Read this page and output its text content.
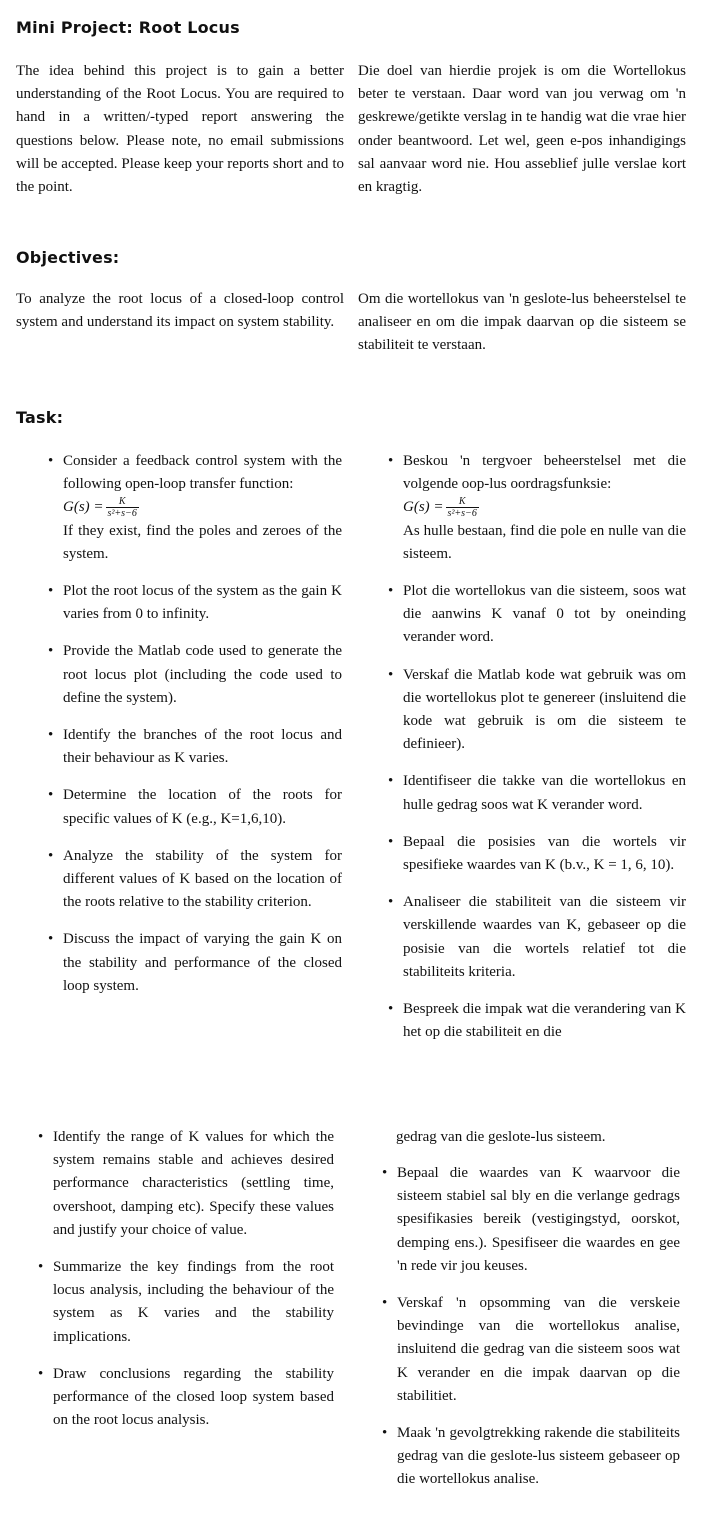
Mini Project: Root Locus

The idea behind this project is to gain a better understanding of the Root Locus. You are required to hand in a written/-typed report answering the questions below. Please note, no email submissions will be accepted. Please keep your reports short and to the point.

Die doel van hierdie projek is om die Wortellokus beter te verstaan. Daar word van jou verwag om 'n geskrewe/getikte verslag in te handig wat die vrae hier onder beantwoord. Let wel, geen e-pos inhandigings sal aanvaar word nie. Hou asseblief julle verslae kort en kragtig.

Objectives:

To analyze the root locus of a closed-loop control system and understand its impact on system stability.

Om die wortellokus van 'n geslote-lus beheerstelsel te analiseer en om die impak daarvan op die sisteem se stabiliteit te verstaan.

Task:
• Consider a feedback control system with the following open-loop transfer function:
$G(s) = \frac{K}{\text{s²+s−6}}$

If they exist, find the poles and zeroes of the system.
• Plot the root locus of the system as the gain K varies from 0 to infinity.
• Provide the Matlab code used to generate the root locus plot (including the code used to define the system).
• Identify the branches of the root locus and their behaviour as K varies.
• Determine the location of the roots for specific values of K (e.g., K=1,6,10).
• Analyze the stability of the system for different values of K based on the location of the roots relative to the stability criterion.
• Discuss the impact of varying the gain K on the stability and performance of the closed loop system.
• Beskou 'n tergvoer beheerstelsel met die volgende oop-lus oordragsfunksie:
$G(s) = \frac{K}{\text{s²+s−6}}$

As hulle bestaan, find die pole en nulle van die sisteem.
• Plot die wortellokus van die sisteem, soos wat die aanwins K vanaf 0 tot by oneinding verander word.
• Verskaf die Matlab kode wat gebruik was om die wortellokus plot te genereer (insluitend die kode wat gebruik is om die sisteem te definieer).
• Identifiseer die takke van die wortellokus en hulle gedrag soos wat K verander word.
• Bepaal die posisies van die wortels vir spesifieke waardes van K (b.v., K = 1, 6, 10).
• Analiseer die stabiliteit van die sisteem vir verskillende waardes van K, gebaseer op die posisie van die wortels relatief tot die stabiliteits kriteria.
• Bespreek die impak wat die verandering van K het op die stabiliteit en die
• Identify the range of K values for which the system remains stable and achieves desired performance characteristics (settling time, overshoot, damping etc). Specify these values and justify your choice of value.
• Summarize the key findings from the root locus analysis, including the behaviour of the system as K varies and the stability implications.
• Draw conclusions regarding the stability performance of the closed loop system based on the root locus analysis.
gedrag van die geslote-lus sisteem.
• Bepaal die waardes van K waarvoor die sisteem stabiel sal bly en die verlange gedrags spesifikasies bereik (vestigingstyd, oorskot, demping ens.). Spesifiseer die waardes en gee 'n rede vir jou keuses.
• Verskaf 'n opsomming van die verskeie bevindinge van die wortellokus analise, insluitend die gedrag van die sisteem soos wat K verander en die impak daarvan op die stabilitiet.
• Maak 'n gevolgtrekking rakende die stabiliteits gedrag van die geslote-lus sisteem gebaseer op die wortellokus analise.
